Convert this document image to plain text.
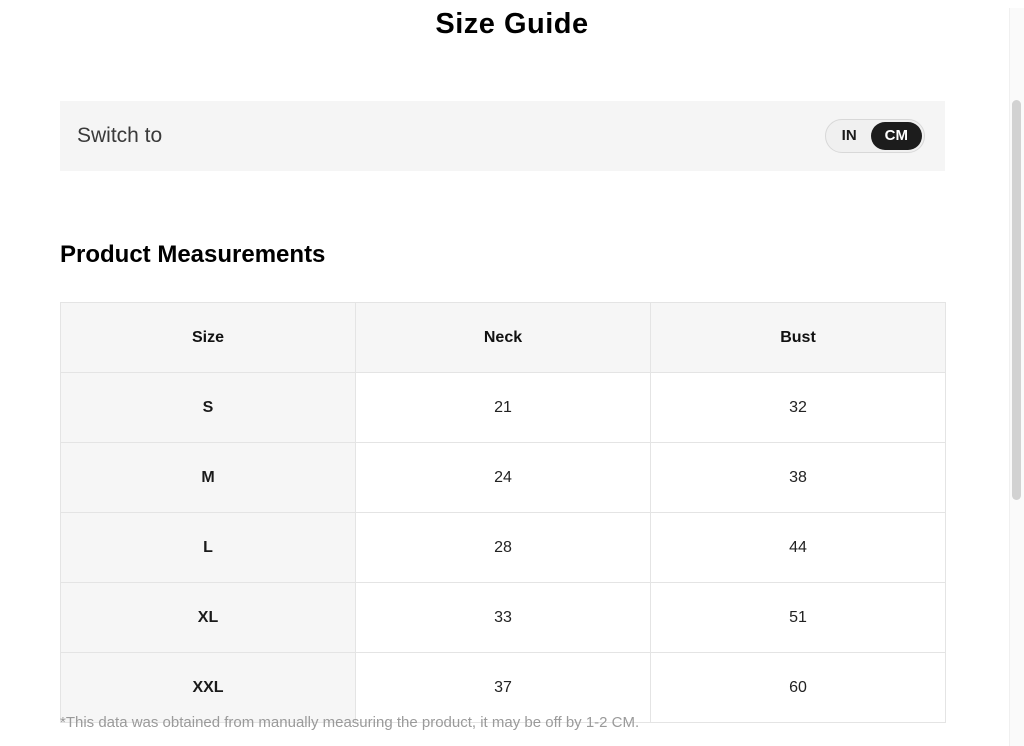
Size Guide
Switch to	IN	CM
Product Measurements
Size	Neck	Bust
S	21	32
M	24	38
L	28	44
XL	33	51
XXL	37	60
*This data was obtained from manually measuring the product, it may be off by 1-2 CM.
